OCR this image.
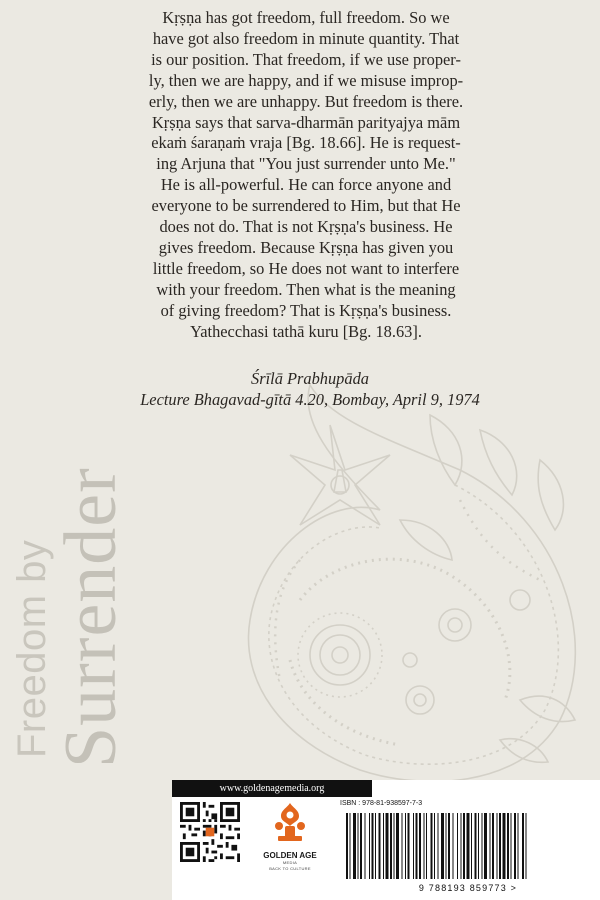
Kṛṣṇa has got freedom, full freedom. So we
have got also freedom in minute quantity. That
is our position. That freedom, if we use proper-
ly, then we are happy, and if we misuse improp-
erly, then we are unhappy. But freedom is there.
Kṛṣṇa says that sarva-dharmān parityajya mām
ekaṁ śaraṇaṁ vraja [Bg. 18.66]. He is request-
ing Arjuna that "You just surrender unto Me."
He is all-powerful. He can force anyone and
everyone to be surrendered to Him, but that He
does not do. That is not Kṛṣṇa's business. He
gives freedom. Because Kṛṣṇa has given you
little freedom, so He does not want to interfere
with your freedom. Then what is the meaning
of giving freedom? That is Kṛṣṇa's business.
Yathecchasi tathā kuru [Bg. 18.63].
Śrīlā Prabhupāda
Lecture Bhagavad-gītā 4.20, Bombay, April 9, 1974
Freedom by
Surrender
www.goldenagemedia.org
GOLDEN AGE
MEDIA
BACK TO CULTURE
ISBN : 978-81-938597-7-3
9 788193 859773 >
